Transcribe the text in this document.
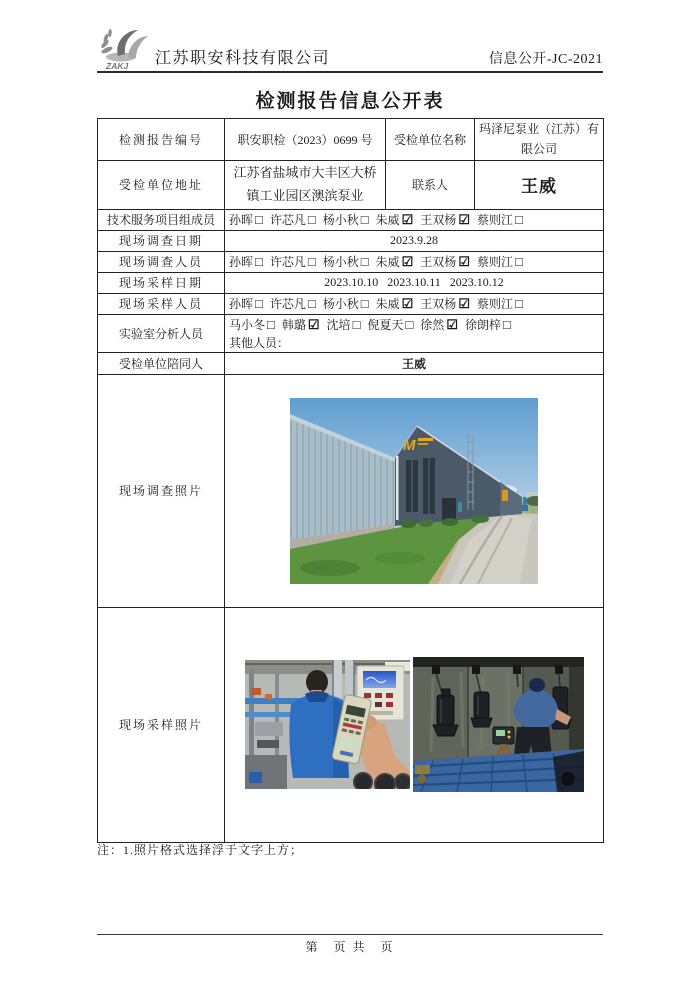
ZAKJ 江苏职安科技有限公司	信息公开-JC-2021
检测报告信息公开表
检测报告编号	职安职检（2023）0699 号	受检单位名称	玛泽尼泵业（江苏）有限公司
受检单位地址	江苏省盐城市大丰区大桥镇工业园区澳滨泵业	联系人	王威
技术服务项目组成员	孙晖 □ 许芯凡 □ 杨小秋 □ 朱威 ☑ 王双杨 ☑ 蔡则江 □		
现场调查日期	2023.9.28		
现场调查人员	孙晖 □ 许芯凡 □ 杨小秋 □ 朱威 ☑ 王双杨 ☑ 蔡则江 □		
现场采样日期	2023.10.10   2023.10.11   2023.10.12		
现场采样人员	孙晖 □ 许芯凡 □ 杨小秋 □ 朱威 ☑ 王双杨 ☑ 蔡则江 □		
实验室分析人员	马小冬 □ 韩璐 ☑ 沈培 □ 倪夏天 □ 徐然 ☑ 徐朗梓 □
其他人员：		

受检单位陪同人	王威		
现场调查照片	M		

现场采样照片	
注：1.照片格式选择浮于文字上方；
第　页 共　页
